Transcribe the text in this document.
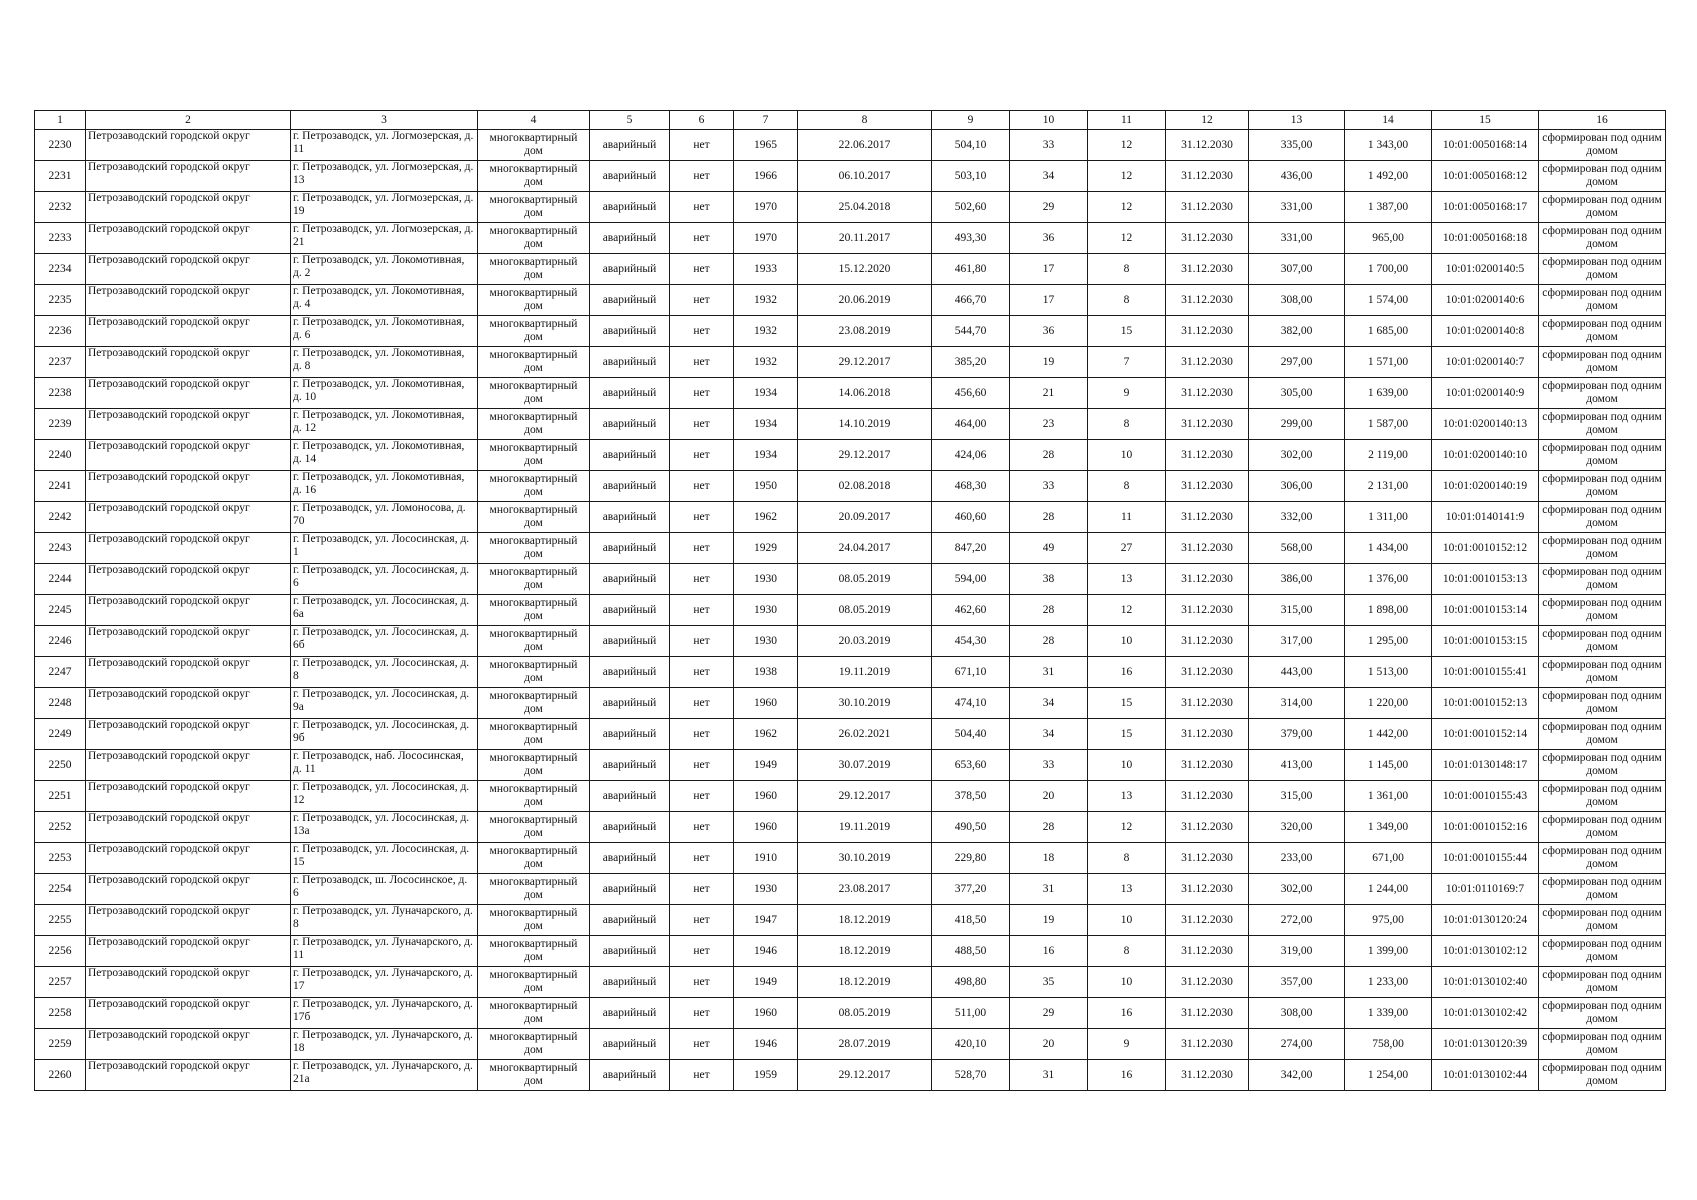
1	2	3	4	5	6	7	8	9	10	11	12	13	14	15	16
2230	Петрозаводский городской округ	г. Петрозаводск, ул. Логмозерская, д. 11	многоквартирный дом	аварийный	нет	1965	22.06.2017	504,10	33	12	31.12.2030	335,00	1 343,00	10:01:0050168:14	сформирован под одним домом
2231	Петрозаводский городской округ	г. Петрозаводск, ул. Логмозерская, д. 13	многоквартирный дом	аварийный	нет	1966	06.10.2017	503,10	34	12	31.12.2030	436,00	1 492,00	10:01:0050168:12	сформирован под одним домом
2232	Петрозаводский городской округ	г. Петрозаводск, ул. Логмозерская, д. 19	многоквартирный дом	аварийный	нет	1970	25.04.2018	502,60	29	12	31.12.2030	331,00	1 387,00	10:01:0050168:17	сформирован под одним домом
2233	Петрозаводский городской округ	г. Петрозаводск, ул. Логмозерская, д. 21	многоквартирный дом	аварийный	нет	1970	20.11.2017	493,30	36	12	31.12.2030	331,00	965,00	10:01:0050168:18	сформирован под одним домом
2234	Петрозаводский городской округ	г. Петрозаводск, ул. Локомотивная, д. 2	многоквартирный дом	аварийный	нет	1933	15.12.2020	461,80	17	8	31.12.2030	307,00	1 700,00	10:01:0200140:5	сформирован под одним домом
2235	Петрозаводский городской округ	г. Петрозаводск, ул. Локомотивная, д. 4	многоквартирный дом	аварийный	нет	1932	20.06.2019	466,70	17	8	31.12.2030	308,00	1 574,00	10:01:0200140:6	сформирован под одним домом
2236	Петрозаводский городской округ	г. Петрозаводск, ул. Локомотивная, д. 6	многоквартирный дом	аварийный	нет	1932	23.08.2019	544,70	36	15	31.12.2030	382,00	1 685,00	10:01:0200140:8	сформирован под одним домом
2237	Петрозаводский городской округ	г. Петрозаводск, ул. Локомотивная, д. 8	многоквартирный дом	аварийный	нет	1932	29.12.2017	385,20	19	7	31.12.2030	297,00	1 571,00	10:01:0200140:7	сформирован под одним домом
2238	Петрозаводский городской округ	г. Петрозаводск, ул. Локомотивная, д. 10	многоквартирный дом	аварийный	нет	1934	14.06.2018	456,60	21	9	31.12.2030	305,00	1 639,00	10:01:0200140:9	сформирован под одним домом
2239	Петрозаводский городской округ	г. Петрозаводск, ул. Локомотивная, д. 12	многоквартирный дом	аварийный	нет	1934	14.10.2019	464,00	23	8	31.12.2030	299,00	1 587,00	10:01:0200140:13	сформирован под одним домом
2240	Петрозаводский городской округ	г. Петрозаводск, ул. Локомотивная, д. 14	многоквартирный дом	аварийный	нет	1934	29.12.2017	424,06	28	10	31.12.2030	302,00	2 119,00	10:01:0200140:10	сформирован под одним домом
2241	Петрозаводский городской округ	г. Петрозаводск, ул. Локомотивная, д. 16	многоквартирный дом	аварийный	нет	1950	02.08.2018	468,30	33	8	31.12.2030	306,00	2 131,00	10:01:0200140:19	сформирован под одним домом
2242	Петрозаводский городской округ	г. Петрозаводск, ул. Ломоносова, д. 70	многоквартирный дом	аварийный	нет	1962	20.09.2017	460,60	28	11	31.12.2030	332,00	1 311,00	10:01:0140141:9	сформирован под одним домом
2243	Петрозаводский городской округ	г. Петрозаводск, ул. Лососинская, д. 1	многоквартирный дом	аварийный	нет	1929	24.04.2017	847,20	49	27	31.12.2030	568,00	1 434,00	10:01:0010152:12	сформирован под одним домом
2244	Петрозаводский городской округ	г. Петрозаводск, ул. Лососинская, д. 6	многоквартирный дом	аварийный	нет	1930	08.05.2019	594,00	38	13	31.12.2030	386,00	1 376,00	10:01:0010153:13	сформирован под одним домом
2245	Петрозаводский городской округ	г. Петрозаводск, ул. Лососинская, д. 6а	многоквартирный дом	аварийный	нет	1930	08.05.2019	462,60	28	12	31.12.2030	315,00	1 898,00	10:01:0010153:14	сформирован под одним домом
2246	Петрозаводский городской округ	г. Петрозаводск, ул. Лососинская, д. 6б	многоквартирный дом	аварийный	нет	1930	20.03.2019	454,30	28	10	31.12.2030	317,00	1 295,00	10:01:0010153:15	сформирован под одним домом
2247	Петрозаводский городской округ	г. Петрозаводск, ул. Лососинская, д. 8	многоквартирный дом	аварийный	нет	1938	19.11.2019	671,10	31	16	31.12.2030	443,00	1 513,00	10:01:0010155:41	сформирован под одним домом
2248	Петрозаводский городской округ	г. Петрозаводск, ул. Лососинская, д. 9а	многоквартирный дом	аварийный	нет	1960	30.10.2019	474,10	34	15	31.12.2030	314,00	1 220,00	10:01:0010152:13	сформирован под одним домом
2249	Петрозаводский городской округ	г. Петрозаводск, ул. Лососинская, д. 9б	многоквартирный дом	аварийный	нет	1962	26.02.2021	504,40	34	15	31.12.2030	379,00	1 442,00	10:01:0010152:14	сформирован под одним домом
2250	Петрозаводский городской округ	г. Петрозаводск, наб. Лососинская, д. 11	многоквартирный дом	аварийный	нет	1949	30.07.2019	653,60	33	10	31.12.2030	413,00	1 145,00	10:01:0130148:17	сформирован под одним домом
2251	Петрозаводский городской округ	г. Петрозаводск, ул. Лососинская, д. 12	многоквартирный дом	аварийный	нет	1960	29.12.2017	378,50	20	13	31.12.2030	315,00	1 361,00	10:01:0010155:43	сформирован под одним домом
2252	Петрозаводский городской округ	г. Петрозаводск, ул. Лососинская, д. 13а	многоквартирный дом	аварийный	нет	1960	19.11.2019	490,50	28	12	31.12.2030	320,00	1 349,00	10:01:0010152:16	сформирован под одним домом
2253	Петрозаводский городской округ	г. Петрозаводск, ул. Лососинская, д. 15	многоквартирный дом	аварийный	нет	1910	30.10.2019	229,80	18	8	31.12.2030	233,00	671,00	10:01:0010155:44	сформирован под одним домом
2254	Петрозаводский городской округ	г. Петрозаводск, ш. Лососинское, д. 6	многоквартирный дом	аварийный	нет	1930	23.08.2017	377,20	31	13	31.12.2030	302,00	1 244,00	10:01:0110169:7	сформирован под одним домом
2255	Петрозаводский городской округ	г. Петрозаводск, ул. Луначарского, д. 8	многоквартирный дом	аварийный	нет	1947	18.12.2019	418,50	19	10	31.12.2030	272,00	975,00	10:01:0130120:24	сформирован под одним домом
2256	Петрозаводский городской округ	г. Петрозаводск, ул. Луначарского, д. 11	многоквартирный дом	аварийный	нет	1946	18.12.2019	488,50	16	8	31.12.2030	319,00	1 399,00	10:01:0130102:12	сформирован под одним домом
2257	Петрозаводский городской округ	г. Петрозаводск, ул. Луначарского, д. 17	многоквартирный дом	аварийный	нет	1949	18.12.2019	498,80	35	10	31.12.2030	357,00	1 233,00	10:01:0130102:40	сформирован под одним домом
2258	Петрозаводский городской округ	г. Петрозаводск, ул. Луначарского, д. 17б	многоквартирный дом	аварийный	нет	1960	08.05.2019	511,00	29	16	31.12.2030	308,00	1 339,00	10:01:0130102:42	сформирован под одним домом
2259	Петрозаводский городской округ	г. Петрозаводск, ул. Луначарского, д. 18	многоквартирный дом	аварийный	нет	1946	28.07.2019	420,10	20	9	31.12.2030	274,00	758,00	10:01:0130120:39	сформирован под одним домом
2260	Петрозаводский городской округ	г. Петрозаводск, ул. Луначарского, д. 21а	многоквартирный дом	аварийный	нет	1959	29.12.2017	528,70	31	16	31.12.2030	342,00	1 254,00	10:01:0130102:44	сформирован под одним домом
